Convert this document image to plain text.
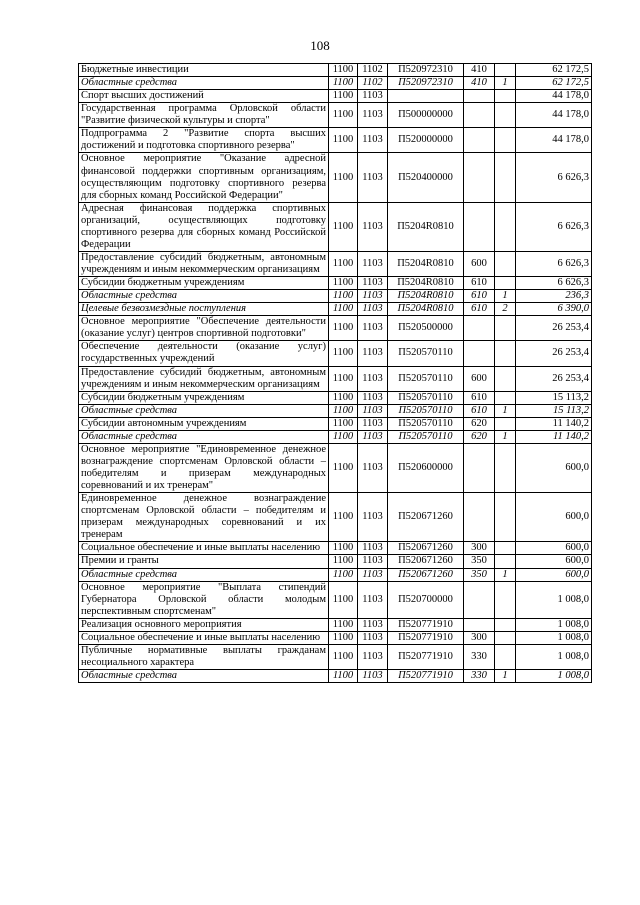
108
Бюджетные инвестиции	1100	1102	П520972310	410		62 172,5
Областные средства	1100	1102	П520972310	410	1	62 172,5
Спорт высших достижений	1100	1103				44 178,0
Государственная программа Орловской области "Развитие физической культуры и спорта"	1100	1103	П500000000			44 178,0
Подпрограмма 2 "Развитие спорта высших достижений и подготовка спортивного резерва"	1100	1103	П520000000			44 178,0
Основное мероприятие "Оказание адресной финансовой поддержки спортивным организациям, осуществляющим подготовку спортивного резерва для сборных команд Российской Федерации"	1100	1103	П520400000			6 626,3
Адресная финансовая поддержка спортивных организаций, осуществляющих подготовку спортивного резерва для сборных команд Российской Федерации	1100	1103	П5204R0810			6 626,3
Предоставление субсидий бюджетным, автономным учреждениям и иным некоммерческим организациям	1100	1103	П5204R0810	600		6 626,3
Субсидии бюджетным учреждениям	1100	1103	П5204R0810	610		6 626,3
Областные средства	1100	1103	П5204R0810	610	1	236,3
Целевые безвозмездные поступления	1100	1103	П5204R0810	610	2	6 390,0
Основное мероприятие "Обеспечение деятельности (оказание услуг) центров спортивной подготовки"	1100	1103	П520500000			26 253,4
Обеспечение деятельности (оказание услуг) государственных учреждений	1100	1103	П520570110			26 253,4
Предоставление субсидий бюджетным, автономным учреждениям и иным некоммерческим организациям	1100	1103	П520570110	600		26 253,4
Субсидии бюджетным учреждениям	1100	1103	П520570110	610		15 113,2
Областные средства	1100	1103	П520570110	610	1	15 113,2
Субсидии автономным учреждениям	1100	1103	П520570110	620		11 140,2
Областные средства	1100	1103	П520570110	620	1	11 140,2
Основное мероприятие "Единовременное денежное вознаграждение спортсменам Орловской области – победителям и призерам международных соревнований и их тренерам"	1100	1103	П520600000			600,0
Единовременное денежное вознаграждение спортсменам Орловской области – победителям и призерам международных соревнований и их тренерам	1100	1103	П520671260			600,0
Социальное обеспечение и иные выплаты населению	1100	1103	П520671260	300		600,0
Премии и гранты	1100	1103	П520671260	350		600,0
Областные средства	1100	1103	П520671260	350	1	600,0
Основное мероприятие "Выплата стипендий Губернатора Орловской области молодым перспективным спортсменам"	1100	1103	П520700000			1 008,0
Реализация основного мероприятия	1100	1103	П520771910			1 008,0
Социальное обеспечение и иные выплаты населению	1100	1103	П520771910	300		1 008,0
Публичные нормативные выплаты гражданам несоциального характера	1100	1103	П520771910	330		1 008,0
Областные средства	1100	1103	П520771910	330	1	1 008,0
